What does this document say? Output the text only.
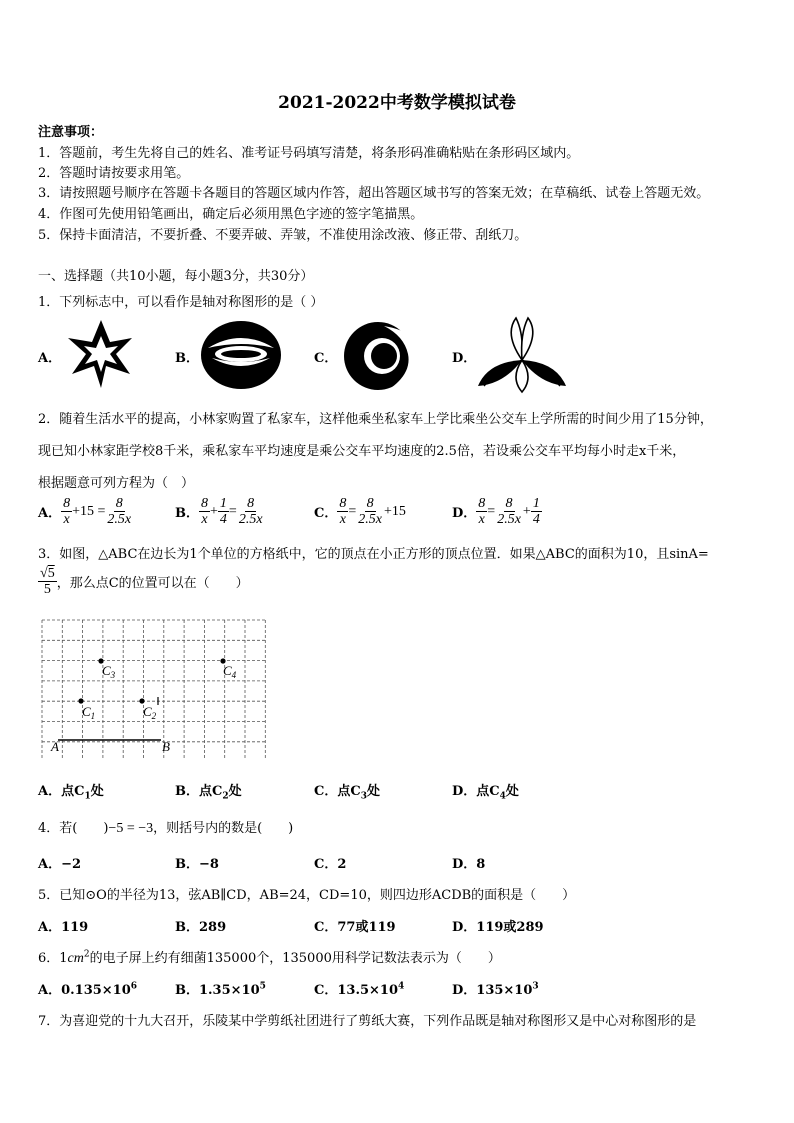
2021-2022中考数学模拟试卷
注意事项：
1．答题前，考生先将自己的姓名、准考证号码填写清楚，将条形码准确粘贴在条形码区域内。
2．答题时请按要求用笔。
3．请按照题号顺序在答题卡各题目的答题区域内作答，超出答题区域书写的答案无效；在草稿纸、试卷上答题无效。
4．作图可先使用铅笔画出，确定后必须用黑色字迹的签字笔描黑。
5．保持卡面清洁，不要折叠、不要弄破、弄皱，不准使用涂改液、修正带、刮纸刀。
一、选择题（共10小题，每小题3分，共30分）
1．下列标志中，可以看作是轴对称图形的是（ ）
A．	B．	C．	D．
2．随着生活水平的提高，小林家购置了私家车，这样他乘坐私家车上学比乘坐公交车上学所需的时间少用了15分钟，
现已知小林家距学校8千米，乘私家车平均速度是乘公交车平均速度的2.5倍，若设乘公交车平均每小时走x千米，
根据题意可列方程为（　）
A． $\frac{8}{x} +15 = \frac{8}{2.5x}$	B． $\frac{8}{x} + \frac{1}{4} = \frac{8}{2.5x}$	C． $\frac{8}{x} = \frac{8}{2.5x} +15$	D． $\frac{8}{x} = \frac{8}{2.5x} + \frac{1}{4}$
3．如图，△ABC在边长为1个单位的方格纸中，它的顶点在小正方形的顶点位置．如果△ABC的面积为10，且sinA=
$\frac{√5}{5}$ ，那么点C的位置可以在（　　）
$C_3$	$C_4$
$C_1$	$C_2$
A	B
A．点$C_1$处	B．点$C_2$处	C．点$C_3$处	D．点$C_4$处
4．若(　　)−5 = −3，则括号内的数是(　　)
A．−2	B．−8	C．2	D．8
5．已知⊙O的半径为13，弦AB∥CD，AB=24，CD=10，则四边形ACDB的面积是（　　）
A．119	B．289	C．77或119	D．119或289
6．$1cm^2$的电子屏上约有细菌135000个，135000用科学记数法表示为（　　）
A．$0.135\times 10^6$	B．$1.35\times 10^5$	C．$13.5\times 10^4$	D．$135\times 10^3$
7．为喜迎党的十九大召开，乐陵某中学剪纸社团进行了剪纸大赛，下列作品既是轴对称图形又是中心对称图形的是
